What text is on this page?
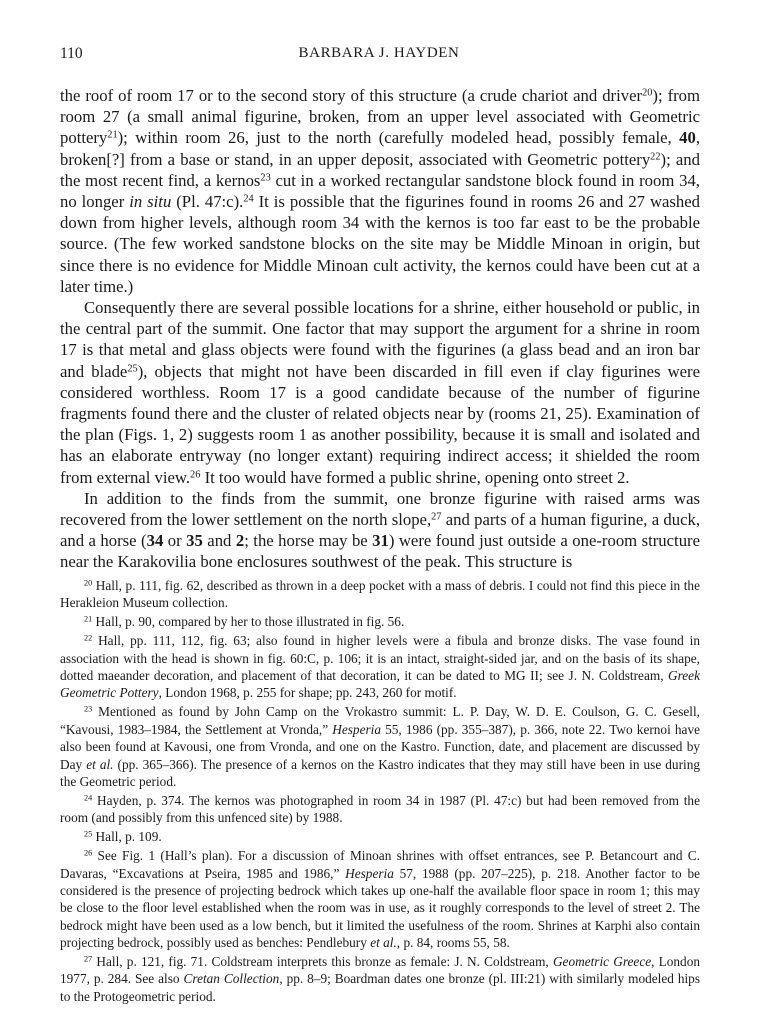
110	BARBARA J. HAYDEN

the roof of room 17 or to the second story of this structure (a crude chariot and driver$^{20}$); from room 27 (a small animal figurine, broken, from an upper level associated with Geometric pottery$^{21}$); within room 26, just to the north (carefully modeled head, possibly female, 40, broken[?] from a base or stand, in an upper deposit, associated with Geometric pottery$^{22}$); and the most recent find, a kernos$^{23}$ cut in a worked rectangular sandstone block found in room 34, no longer in situ (Pl. 47:c).$^{24}$ It is possible that the figurines found in rooms 26 and 27 washed down from higher levels, although room 34 with the kernos is too far east to be the probable source. (The few worked sandstone blocks on the site may be Middle Minoan in origin, but since there is no evidence for Middle Minoan cult activity, the kernos could have been cut at a later time.)

Consequently there are several possible locations for a shrine, either household or public, in the central part of the summit. One factor that may support the argument for a shrine in room 17 is that metal and glass objects were found with the figurines (a glass bead and an iron bar and blade$^{25}$), objects that might not have been discarded in fill even if clay figurines were considered worthless. Room 17 is a good candidate because of the number of figurine fragments found there and the cluster of related objects near by (rooms 21, 25). Examination of the plan (Figs. 1, 2) suggests room 1 as another possibility, because it is small and isolated and has an elaborate entryway (no longer extant) requiring indirect access; it shielded the room from external view.$^{26}$ It too would have formed a public shrine, opening onto street 2.

In addition to the finds from the summit, one bronze figurine with raised arms was recovered from the lower settlement on the north slope,$^{27}$ and parts of a human figurine, a duck, and a horse (34 or 35 and 2; the horse may be 31) were found just outside a one-room structure near the Karakovilia bone enclosures southwest of the peak. This structure is

$^{20}$ Hall, p. 111, fig. 62, described as thrown in a deep pocket with a mass of debris. I could not find this piece in the Herakleion Museum collection.

$^{21}$ Hall, p. 90, compared by her to those illustrated in fig. 56.

$^{22}$ Hall, pp. 111, 112, fig. 63; also found in higher levels were a fibula and bronze disks. The vase found in association with the head is shown in fig. 60:C, p. 106; it is an intact, straight-sided jar, and on the basis of its shape, dotted maeander decoration, and placement of that decoration, it can be dated to MG II; see J. N. Coldstream, Greek Geometric Pottery, London 1968, p. 255 for shape; pp. 243, 260 for motif.

$^{23}$ Mentioned as found by John Camp on the Vrokastro summit: L. P. Day, W. D. E. Coulson, G. C. Gesell, “Kavousi, 1983–1984, the Settlement at Vronda,” Hesperia 55, 1986 (pp. 355–387), p. 366, note 22. Two kernoi have also been found at Kavousi, one from Vronda, and one on the Kastro. Function, date, and placement are discussed by Day et al. (pp. 365–366). The presence of a kernos on the Kastro indicates that they may still have been in use during the Geometric period.

$^{24}$ Hayden, p. 374. The kernos was photographed in room 34 in 1987 (Pl. 47:c) but had been removed from the room (and possibly from this unfenced site) by 1988.

$^{25}$ Hall, p. 109.

$^{26}$ See Fig. 1 (Hall’s plan). For a discussion of Minoan shrines with offset entrances, see P. Betancourt and C. Davaras, “Excavations at Pseira, 1985 and 1986,” Hesperia 57, 1988 (pp. 207–225), p. 218. Another factor to be considered is the presence of projecting bedrock which takes up one-half the available floor space in room 1; this may be close to the floor level established when the room was in use, as it roughly corresponds to the level of street 2. The bedrock might have been used as a low bench, but it limited the usefulness of the room. Shrines at Karphi also contain projecting bedrock, possibly used as benches: Pendlebury et al., p. 84, rooms 55, 58.

$^{27}$ Hall, p. 121, fig. 71. Coldstream interprets this bronze as female: J. N. Coldstream, Geometric Greece, London 1977, p. 284. See also Cretan Collection, pp. 8–9; Boardman dates one bronze (pl. III:21) with similarly modeled hips to the Protogeometric period.
